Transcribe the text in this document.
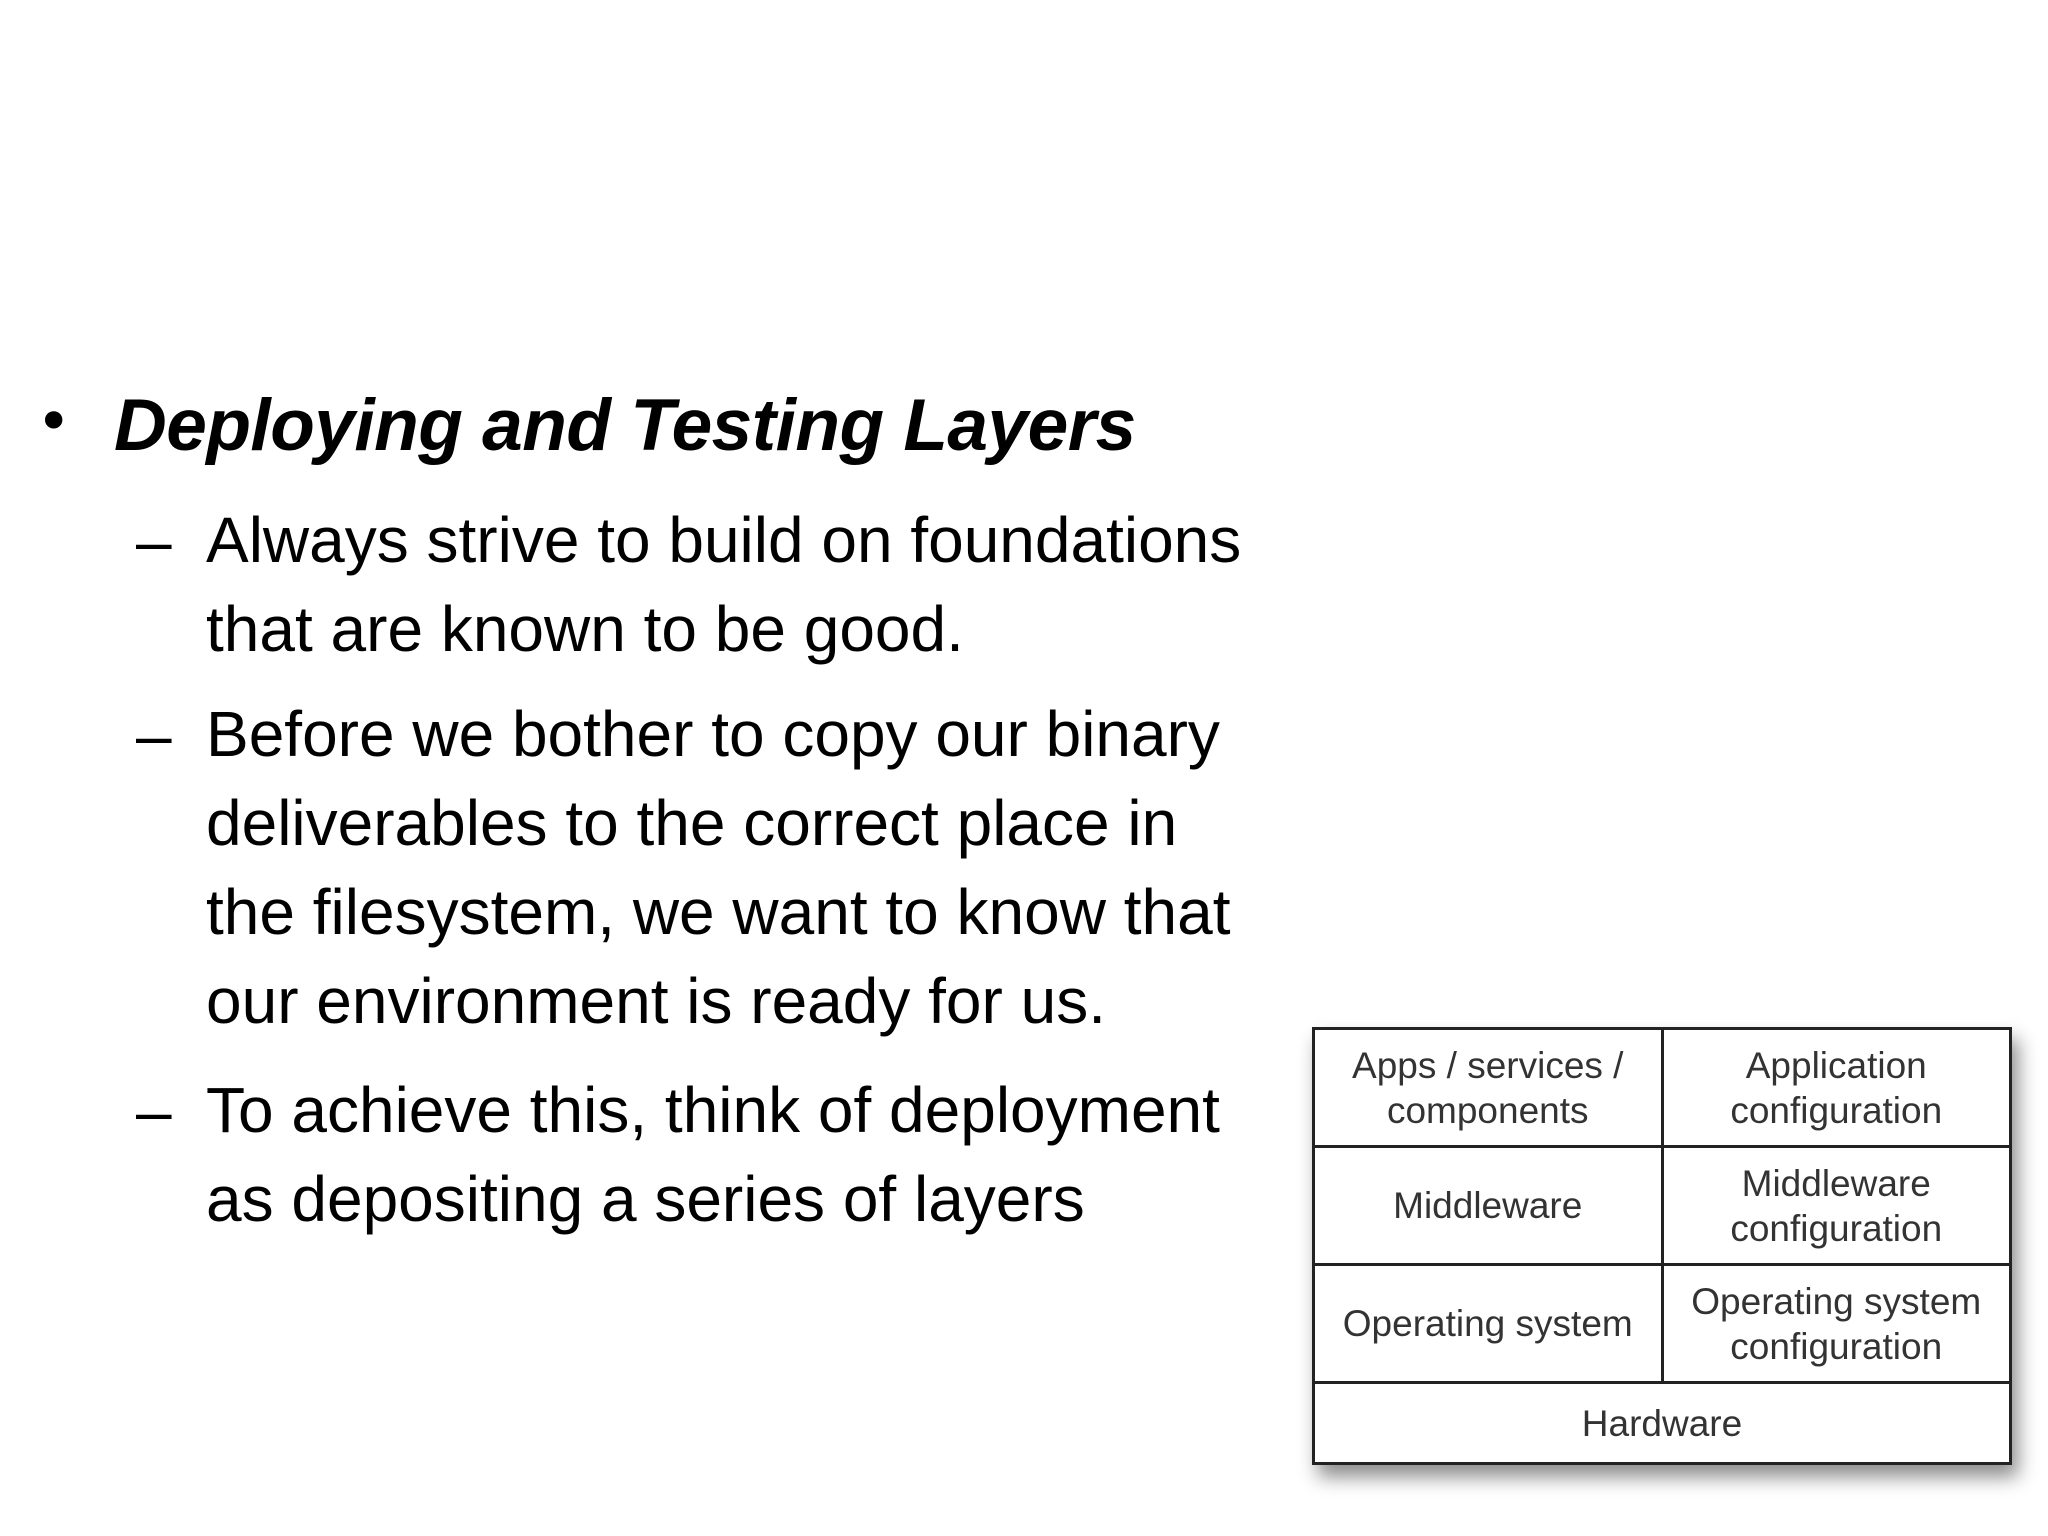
• Deploying and Testing Layers
– Always strive to build on foundations
that are known to be good.
– Before we bother to copy our binary
deliverables to the correct place in
the filesystem, we want to know that
our environment is ready for us.
– To achieve this, think of deployment
as depositing a series of layers
Apps / services /
components
Application
configuration
Middleware
Middleware
configuration
Operating system
Operating system
configuration
Hardware
